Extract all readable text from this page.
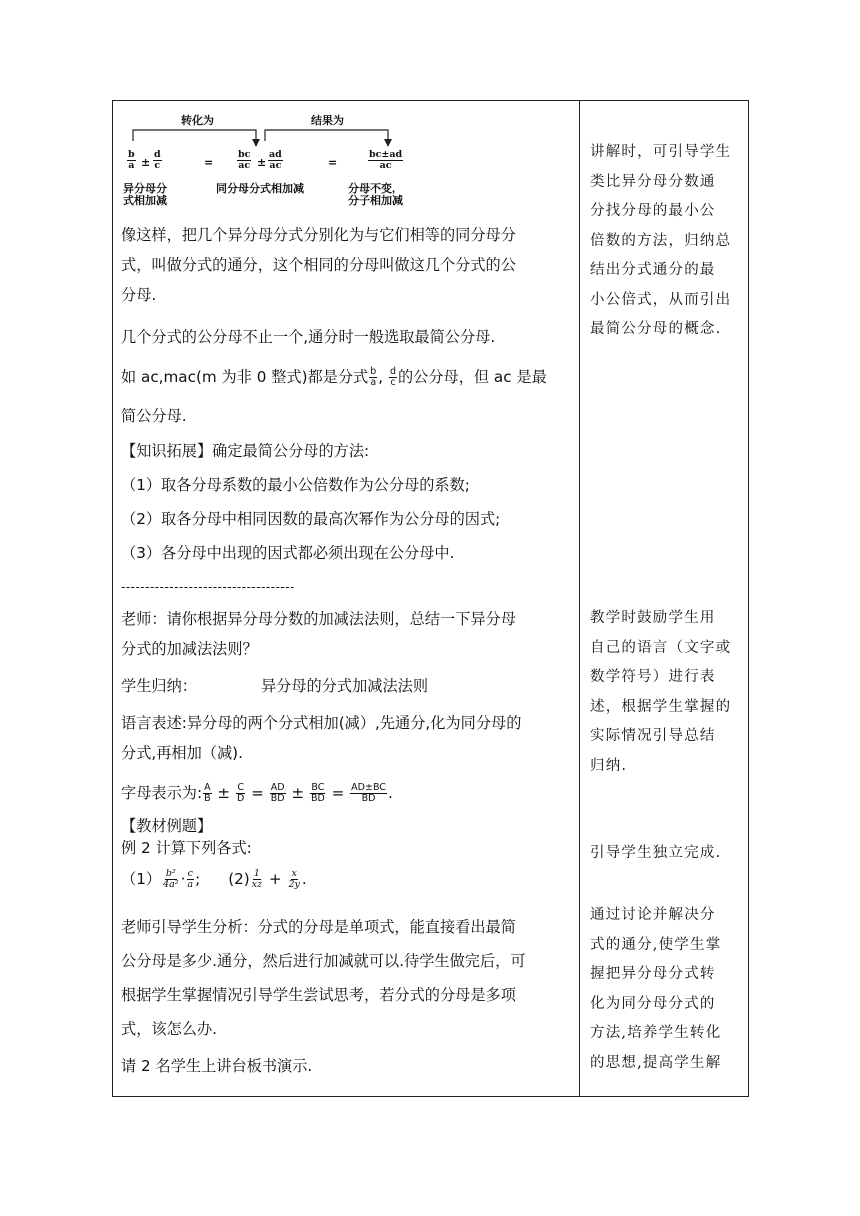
转化为	结果为
$\frac{b}{a} \pm \frac{d}{c}$	=	$\frac{bc}{ac} \pm \frac{ad}{ac}$	=	$\frac{bc\pm ad}{ac}$
异分母分
式相加减
同分母分式相加减	分母不变,
分子相加减
像这样，把几个异分母分式分别化为与它们相等的同分母分
式，叫做分式的通分，这个相同的分母叫做这几个分式的公
分母.
几个分式的公分母不止一个,通分时一般选取最简公分母.
如 ac,mac(m 为非 0 整式)都是分式 $\frac{b}{a}$ , $\frac{d}{c}$ 的公分母，但 ac 是最
简公分母.
【知识拓展】确定最简公分母的方法:
（1）取各分母系数的最小公倍数作为公分母的系数;
（2）取各分母中相同因数的最高次幂作为公分母的因式;
（3）各分母中出现的因式都必须出现在公分母中.
------------------------------------
老师：请你根据异分母分数的加减法法则，总结一下异分母
分式的加减法法则？
学生归纳：	异分母的分式加减法法则
语言表述:异分母的两个分式相加(减）,先通分,化为同分母的
分式,再相加（减).
字母表示为: $\frac{A}{B} \pm \frac{C}{D} = \frac{AD}{BD} \pm \frac{BC}{BD} = \frac{AD\pm BC}{BD}$ .
【教材例题】
例 2 计算下列各式:
$(1) \frac{\text{b²}}{\text{4a²}} \cdot \frac{c}{a}$ ; $(2) \frac{1}{xz} + \frac{x}{2y}$ .
老师引导学生分析：分式的分母是单项式，能直接看出最简
公分母是多少.通分，然后进行加减就可以.待学生做完后，可
根据学生掌握情况引导学生尝试思考，若分式的分母是多项
式，该怎么办.
请 2 名学生上讲台板书演示.
讲解时，可引导学生
类比异分母分数通
分找分母的最小公
倍数的方法，归纳总
结出分式通分的最
小公倍式，从而引出
最简公分母的概念.
教学时鼓励学生用
自己的语言（文字或
数学符号）进行表
述，根据学生掌握的
实际情况引导总结
归纳.
引导学生独立完成.
通过讨论并解决分
式的通分,使学生掌
握把异分母分式转
化为同分母分式的
方法,培养学生转化
的思想,提高学生解
